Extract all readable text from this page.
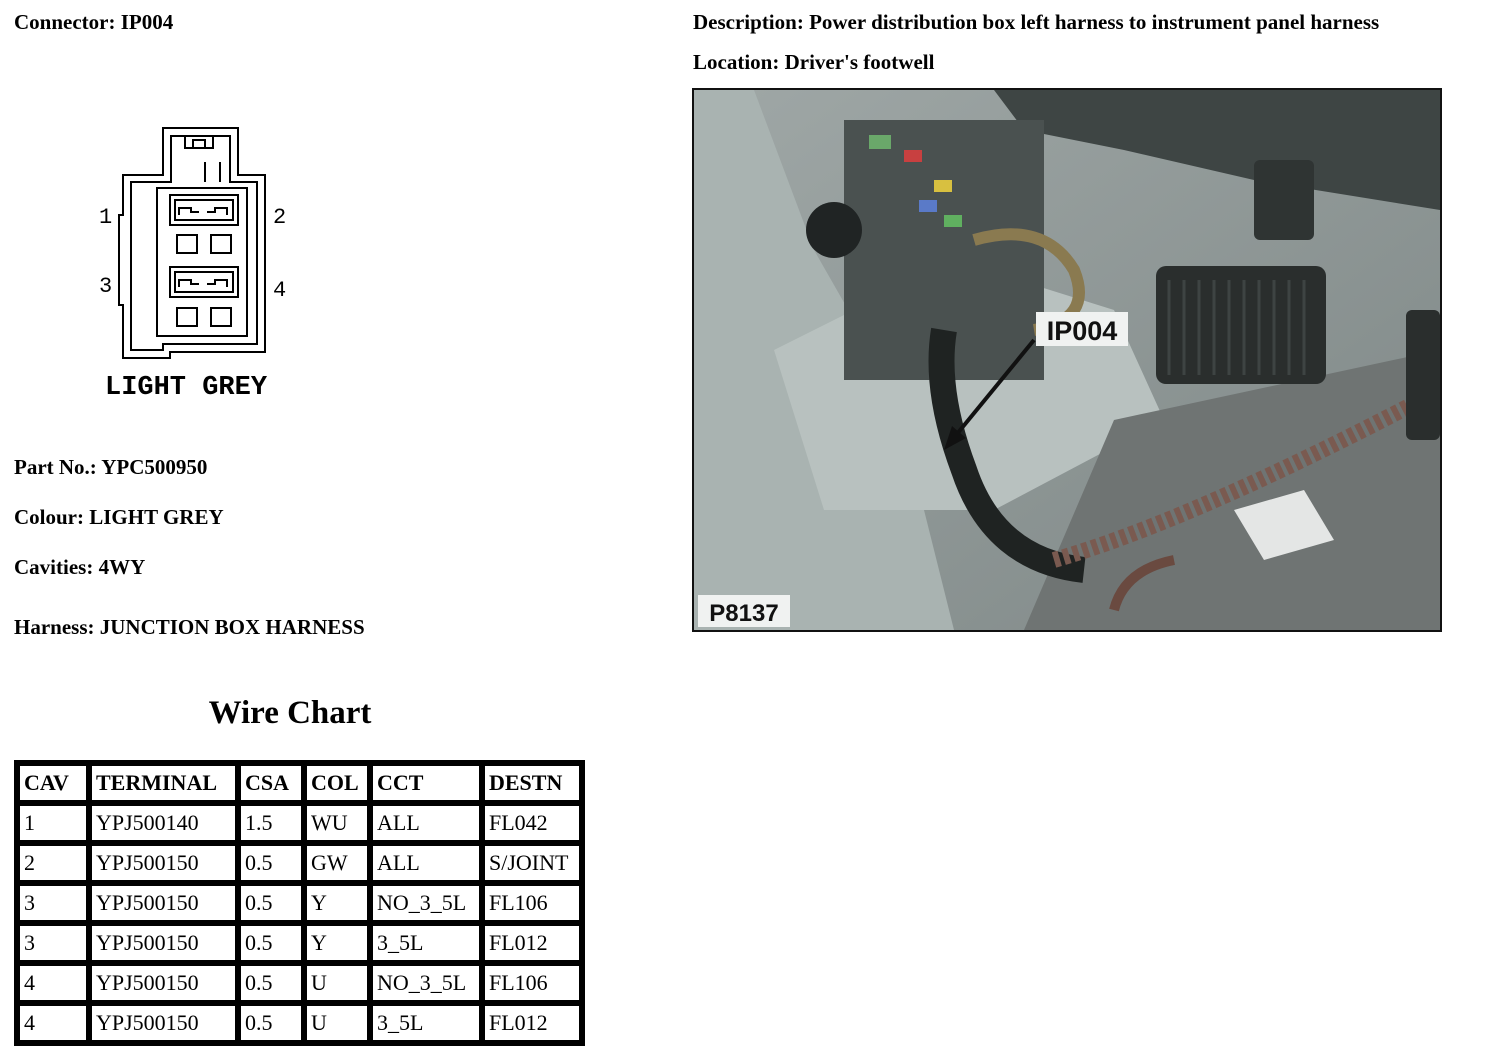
Connector: IP004	Description: Power distribution box left harness to instrument panel harness
Location: Driver's footwell
1	2
3	4
LIGHT GREY
Part No.: YPC500950
Colour: LIGHT GREY
Cavities: 4WY
Harness: JUNCTION BOX HARNESS
IP004
P8137
Wire Chart
CAV	TERMINAL	CSA	COL	CCT	DESTN
1	YPJ500140	1.5	WU	ALL	FL042
2	YPJ500150	0.5	GW	ALL	S/JOINT
3	YPJ500150	0.5	Y	NO_3_5L	FL106
3	YPJ500150	0.5	Y	3_5L	FL012
4	YPJ500150	0.5	U	NO_3_5L	FL106
4	YPJ500150	0.5	U	3_5L	FL012
